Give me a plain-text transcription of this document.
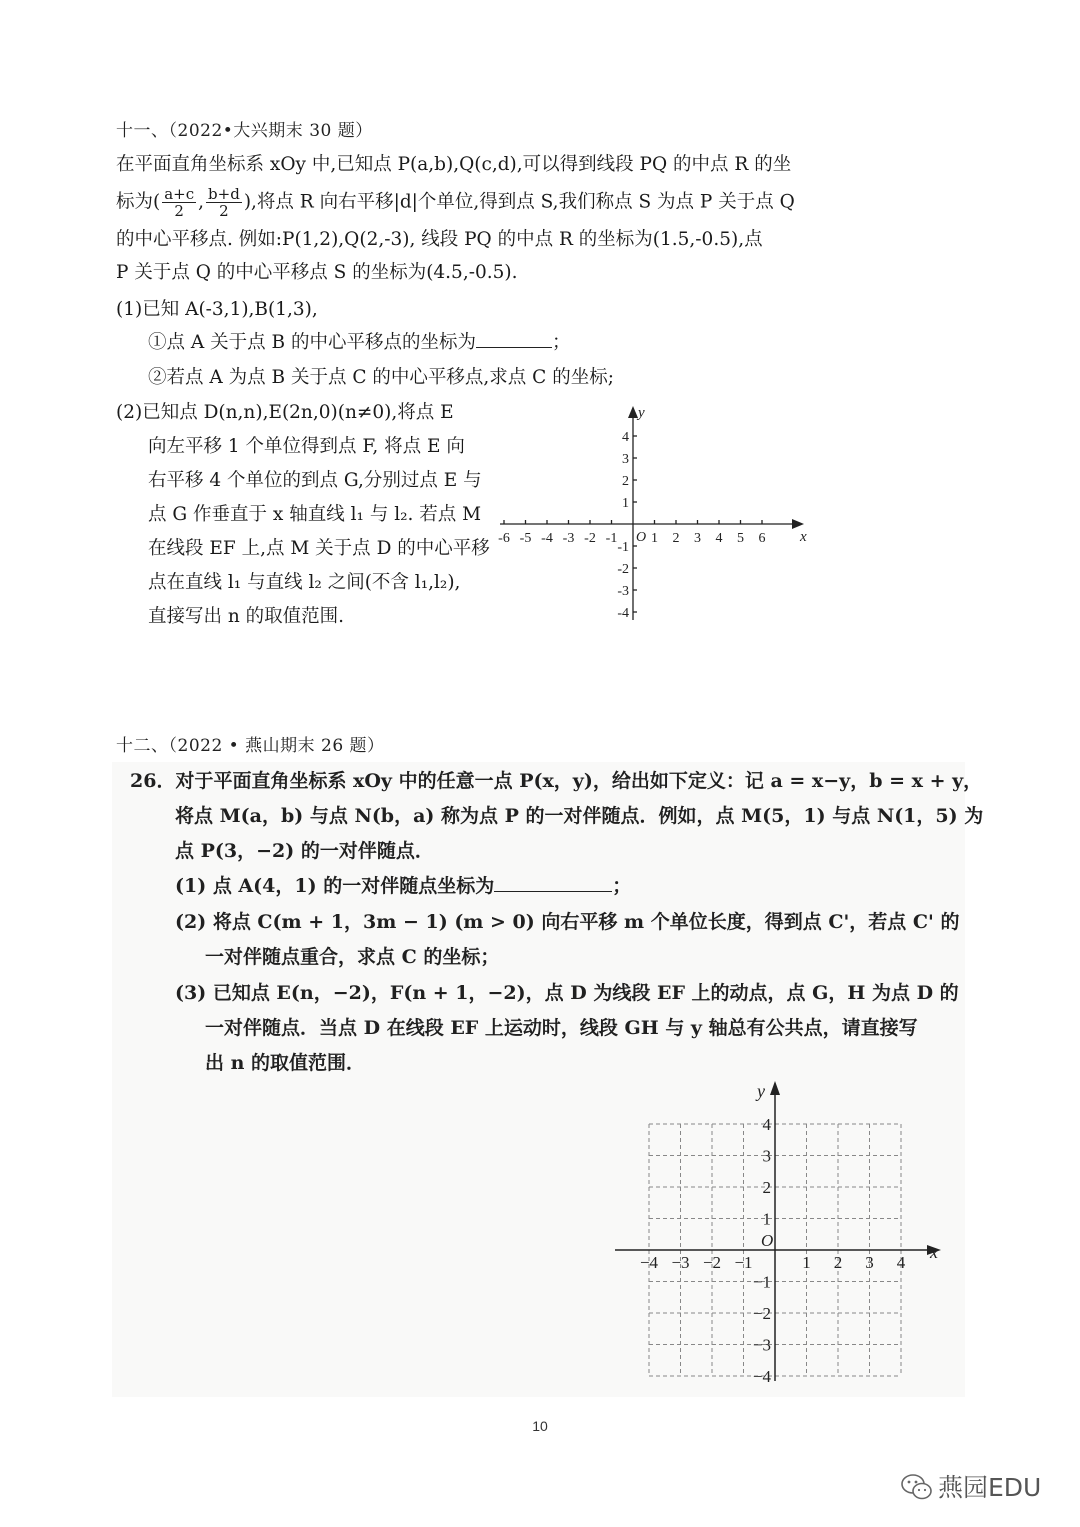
十一、（2022•大兴期末 30 题）
在平面直角坐标系 xOy 中,已知点 P(a,b),Q(c,d),可以得到线段 PQ 的中点 R 的坐
标为( $\frac{a+c}{2}$ , $\frac{b+d}{2}$ ),将点 R 向右平移|d|个单位,得到点 S,我们称点 S 为点 P 关于点 Q
的中心平移点. 例如:P(1,2),Q(2,-3), 线段 PQ 的中点 R 的坐标为(1.5,-0.5),点
P 关于点 Q 的中心平移点 S 的坐标为(4.5,-0.5).
(1)已知 A(-3,1),B(1,3),
①点 A 关于点 B 的中心平移点的坐标为	；
②若点 A 为点 B 关于点 C 的中心平移点,求点 C 的坐标;
(2)已知点 D(n,n),E(2n,0)(n≠0),将点 E
向左平移 1 个单位得到点 F, 将点 E 向
右平移 4 个单位的到点 G,分别过点 E 与
点 G 作垂直于 x 轴直线 l₁ 与 l₂. 若点 M
在线段 EF 上,点 M 关于点 D 的中心平移
点在直线 l₁ 与直线 l₂ 之间(不含 l₁,l₂),
直接写出 n 的取值范围.
-6 -5 -4 -3 -2 -1 1 2 3 4 5 6
4
3
2
1
-1
-2
-3
-4
O
y
x
十二、（2022 • 燕山期末 26 题）
26．对于平面直角坐标系 xOy 中的任意一点 P(x，y)，给出如下定义：记 a = x−y，b = x + y，
将点 M(a，b) 与点 N(b，a) 称为点 P 的一对伴随点．例如，点 M(5，1) 与点 N(1，5) 为
点 P(3，−2) 的一对伴随点．
(1) 点 A(4，1) 的一对伴随点坐标为	；
(2) 将点 C(m + 1，3m − 1) (m > 0) 向右平移 m 个单位长度，得到点 C'，若点 C' 的
一对伴随点重合，求点 C 的坐标；
(3) 已知点 E(n，−2)，F(n + 1，−2)，点 D 为线段 EF 上的动点，点 G，H 为点 D 的
一对伴随点．当点 D 在线段 EF 上运动时，线段 GH 与 y 轴总有公共点，请直接写
出 n 的取值范围．
−4 −3 −2 −1	1 2 3 4
4
3
2
1
−1
−2
−3
−4
O
y
x
10
燕园EDU
